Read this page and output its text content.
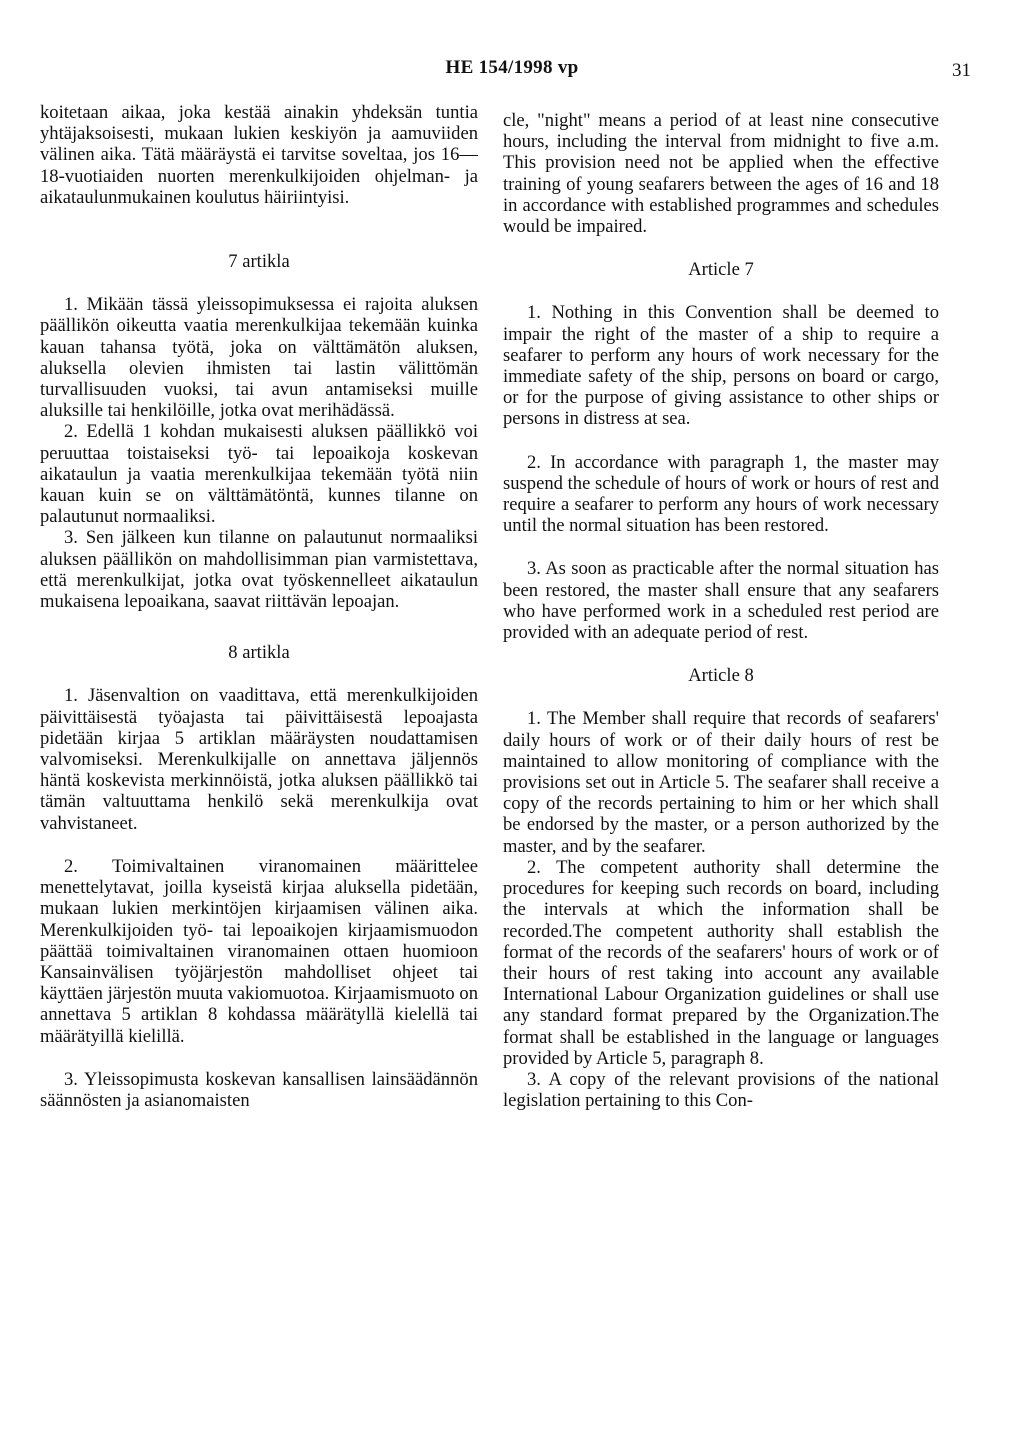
HE 154/1998 vp	31

koitetaan aikaa, joka kestää ainakin yhdeksän tuntia yhtäjaksoisesti, mukaan lukien keskiyön ja aamuviiden välinen aika. Tätä määräystä ei tarvitse soveltaa, jos 16—18-vuotiaiden nuorten merenkulkijoiden ohjelman- ja aikataulunmukainen koulutus häiriintyisi.

7 artikla

1. Mikään tässä yleissopimuksessa ei rajoita aluksen päällikön oikeutta vaatia merenkulkijaa tekemään kuinka kauan tahansa työtä, joka on välttämätön aluksen, aluksella olevien ihmisten tai lastin välittömän turvallisuuden vuoksi, tai avun antamiseksi muille aluksille tai henkilöille, jotka ovat merihädässä.

2. Edellä 1 kohdan mukaisesti aluksen päällikkö voi peruuttaa toistaiseksi työ- tai lepoaikoja koskevan aikataulun ja vaatia merenkulkijaa tekemään työtä niin kauan kuin se on välttämätöntä, kunnes tilanne on palautunut normaaliksi.

3. Sen jälkeen kun tilanne on palautunut normaaliksi aluksen päällikön on mahdollisimman pian varmistettava, että merenkulkijat, jotka ovat työskennelleet aikataulun mukaisena lepoaikana, saavat riittävän lepoajan.

8 artikla

1. Jäsenvaltion on vaadittava, että merenkulkijoiden päivittäisestä työajasta tai päivittäisestä lepoajasta pidetään kirjaa 5 artiklan määräysten noudattamisen valvomiseksi. Merenkulkijalle on annettava jäljennös häntä koskevista merkinnöistä, jotka aluksen päällikkö tai tämän valtuuttama henkilö sekä merenkulkija ovat vahvistaneet.

2. Toimivaltainen viranomainen määrittelee menettelytavat, joilla kyseistä kirjaa aluksella pidetään, mukaan lukien merkintöjen kirjaamisen välinen aika. Merenkulkijoiden työ- tai lepoaikojen kirjaamismuodon päättää toimivaltainen viranomainen ottaen huomioon Kansainvälisen työjärjestön mahdolliset ohjeet tai käyttäen järjestön muuta vakiomuotoa. Kirjaamismuoto on annettava 5 artiklan 8 kohdassa määrätyllä kielellä tai määrätyillä kielillä.

3. Yleissopimusta koskevan kansallisen lainsäädännön säännösten ja asianomaisten

cle, "night" means a period of at least nine consecutive hours, including the interval from midnight to five a.m. This provision need not be applied when the effective training of young seafarers between the ages of 16 and 18 in accordance with established programmes and schedules would be impaired.

Article 7

1. Nothing in this Convention shall be deemed to impair the right of the master of a ship to require a seafarer to perform any hours of work necessary for the immediate safety of the ship, persons on board or cargo, or for the purpose of giving assistance to other ships or persons in distress at sea.

2. In accordance with paragraph 1, the master may suspend the schedule of hours of work or hours of rest and require a seafarer to perform any hours of work necessary until the normal situation has been restored.

3. As soon as practicable after the normal situation has been restored, the master shall ensure that any seafarers who have performed work in a scheduled rest period are provided with an adequate period of rest.

Article 8

1. The Member shall require that records of seafarers' daily hours of work or of their daily hours of rest be maintained to allow monitoring of compliance with the provisions set out in Article 5. The seafarer shall receive a copy of the records pertaining to him or her which shall be endorsed by the master, or a person authorized by the master, and by the seafarer.

2. The competent authority shall determine the procedures for keeping such records on board, including the intervals at which the information shall be recorded.The competent authority shall establish the format of the records of the seafarers' hours of work or of their hours of rest taking into account any available International Labour Organization guidelines or shall use any standard format prepared by the Organization.The format shall be established in the language or languages provided by Article 5, paragraph 8.

3. A copy of the relevant provisions of the national legislation pertaining to this Con-
